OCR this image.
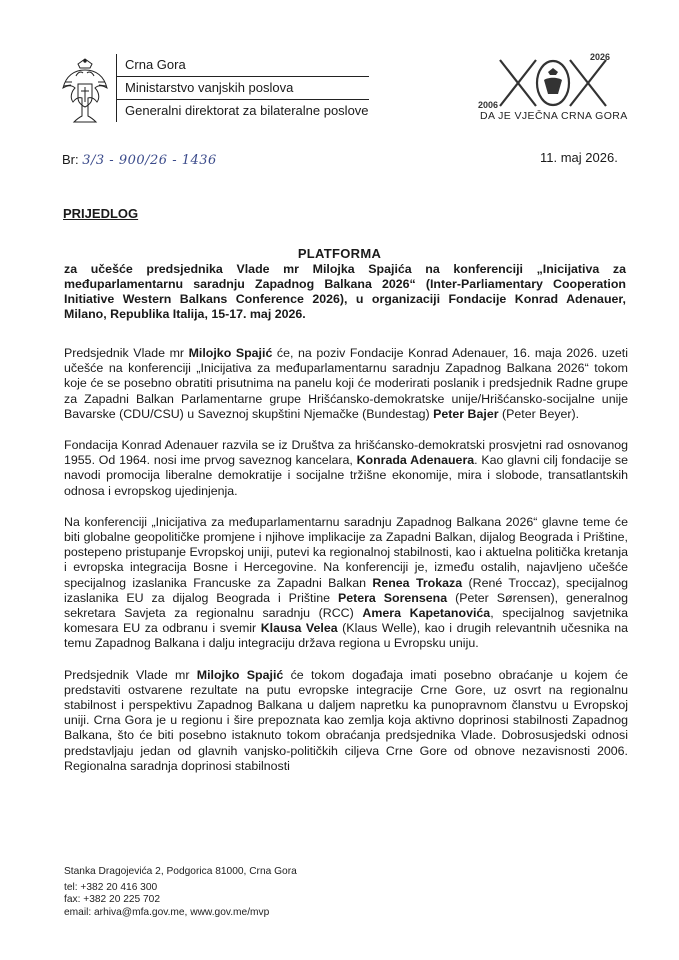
Crna Gora
Ministarstvo vanjskih poslova
Generalni direktorat za bilateralne poslove
2026
2006
DA JE VJEČNA CRNA GORA
Br: 3/3 - 900/26 - 1436	11. maj 2026.
PRIJEDLOG
PLATFORMA
za učešće predsjednika Vlade mr Milojka Spajića na konferenciji „Inicijativa za međuparlamentarnu saradnju Zapadnog Balkana 2026“ (Inter-Parliamentary Cooperation Initiative Western Balkans Conference 2026), u organizaciji Fondacije Konrad Adenauer, Milano, Republika Italija, 15-17. maj 2026.

Predsjednik Vlade mr Milojko Spajić će, na poziv Fondacije Konrad Adenauer, 16. maja 2026. uzeti učešće na konferenciji „Inicijativa za međuparlamentarnu saradnju Zapadnog Balkana 2026“ tokom koje će se posebno obratiti prisutnima na panelu koji će moderirati poslanik i predsjednik Radne grupe za Zapadni Balkan Parlamentarne grupe Hrišćansko-demokratske unije/Hrišćansko-socijalne unije Bavarske (CDU/CSU) u Saveznoj skupštini Njemačke (Bundestag) Peter Bajer (Peter Beyer).

Fondacija Konrad Adenauer razvila se iz Društva za hrišćansko-demokratski prosvjetni rad osnovanog 1955. Od 1964. nosi ime prvog saveznog kancelara, Konrada Adenauera. Kao glavni cilj fondacije se navodi promocija liberalne demokratije i socijalne tržišne ekonomije, mira i slobode, transatlantskih odnosa i evropskog ujedinjenja.

Na konferenciji „Inicijativa za međuparlamentarnu saradnju Zapadnog Balkana 2026“ glavne teme će biti globalne geopolitičke promjene i njihove implikacije za Zapadni Balkan, dijalog Beograda i Prištine, postepeno pristupanje Evropskoj uniji, putevi ka regionalnoj stabilnosti, kao i aktuelna politička kretanja i evropska integracija Bosne i Hercegovine. Na konferenciji je, između ostalih, najavljeno učešće specijalnog izaslanika Francuske za Zapadni Balkan Renea Trokaza (René Troccaz), specijalnog izaslanika EU za dijalog Beograda i Prištine Petera Sorensena (Peter Sørensen), generalnog sekretara Savjeta za regionalnu saradnju (RCC) Amera Kapetanovića, specijalnog savjetnika komesara EU za odbranu i svemir Klausa Velea (Klaus Welle), kao i drugih relevantnih učesnika na temu Zapadnog Balkana i dalju integraciju država regiona u Evropsku uniju.

Predsjednik Vlade mr Milojko Spajić će tokom događaja imati posebno obraćanje u kojem će predstaviti ostvarene rezultate na putu evropske integracije Crne Gore, uz osvrt na regionalnu stabilnost i perspektivu Zapadnog Balkana u daljem napretku ka punopravnom članstvu u Evropskoj uniji. Crna Gora je u regionu i šire prepoznata kao zemlja koja aktivno doprinosi stabilnosti Zapadnog Balkana, što će biti posebno istaknuto tokom obraćanja predsjednika Vlade. Dobrosusjedski odnosi predstavljaju jedan od glavnih vanjsko-političkih ciljeva Crne Gore od obnove nezavisnosti 2006. Regionalna saradnja doprinosi stabilnosti

Stanka Dragojevića 2, Podgorica 81000, Crna Gora
tel: +382 20 416 300
fax: +382 20 225 702
email: arhiva@mfa.gov.me, www.gov.me/mvp
